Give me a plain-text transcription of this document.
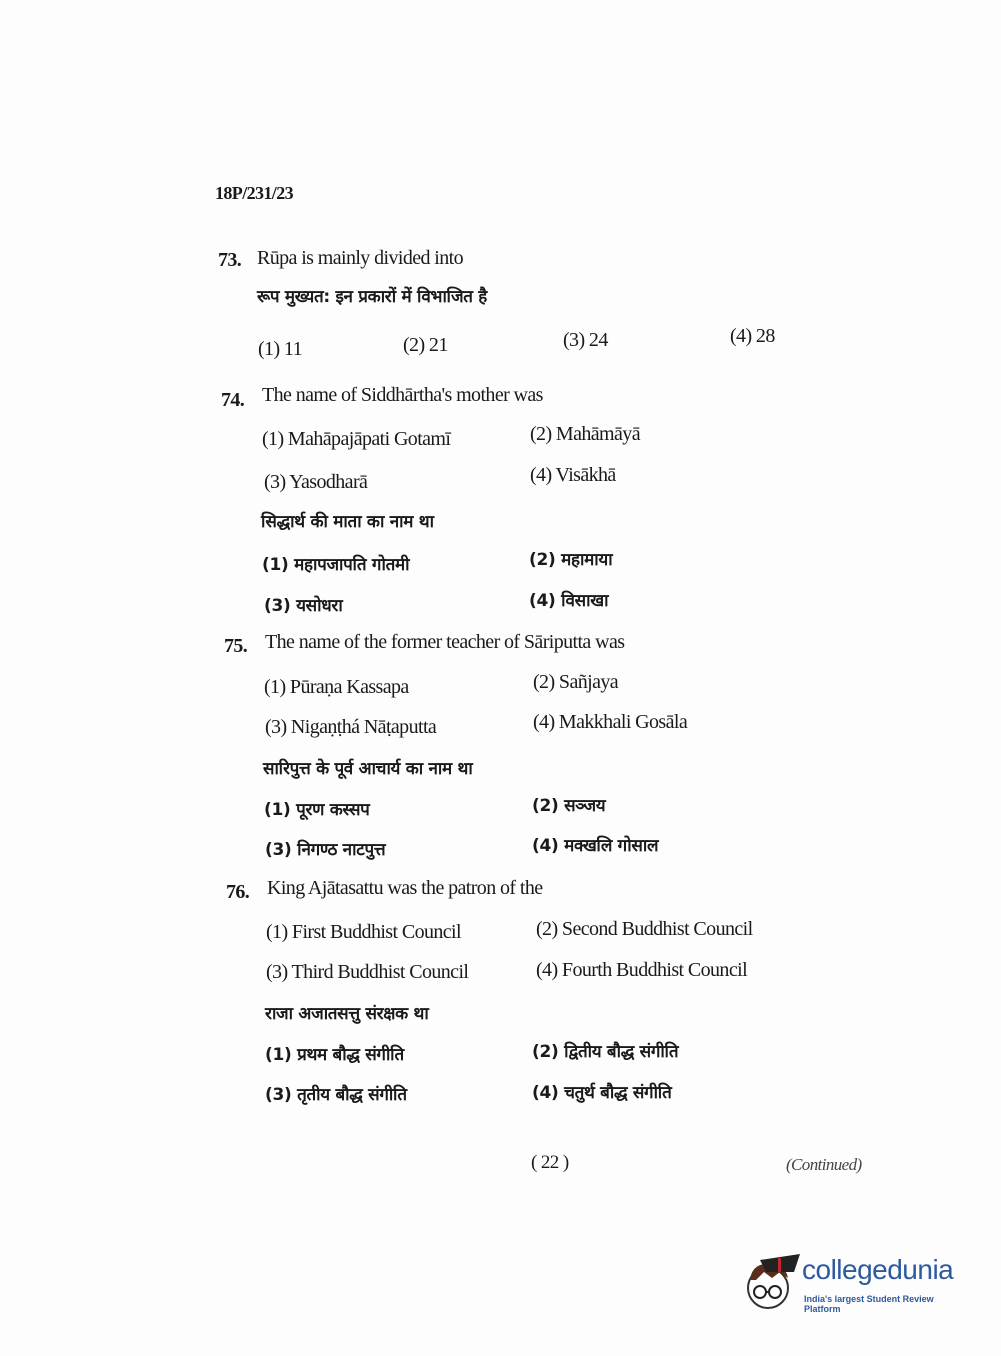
18P/231/23
73. Rūpa is mainly divided into
रूप मुख्यत: इन प्रकारों में विभाजित है
(1) 11	(2) 21	(3) 24	(4) 28
74. The name of Siddhārtha's mother was
(1) Mahāpajāpati Gotamī	(2) Mahāmāyā
(3) Yasodharā	(4) Visākhā
सिद्धार्थ की माता का नाम था
(1) महापजापति गोतमी	(2) महामाया
(3) यसोधरा	(4) विसाखा
75. The name of the former teacher of Sāriputta was
(1) Pūraṇa Kassapa	(2) Sañjaya
(3) Nigaṇṭhá Nāṭaputta	(4) Makkhali Gosāla
सारिपुत्त के पूर्व आचार्य का नाम था
(1) पूरण कस्सप	(2) सञ्जय
(3) निगण्ठ नाटपुत्त	(4) मक्खलि गोसाल
76. King Ajātasattu was the patron of the
(1) First Buddhist Council	(2) Second Buddhist Council
(3) Third Buddhist Council	(4) Fourth Buddhist Council
राजा अजातसत्तु संरक्षक था
(1) प्रथम बौद्ध संगीति	(2) द्वितीय बौद्ध संगीति
(3) तृतीय बौद्ध संगीति	(4) चतुर्थ बौद्ध संगीति
( 22 )	(Continued)
collegedunia
India's largest Student Review Platform
